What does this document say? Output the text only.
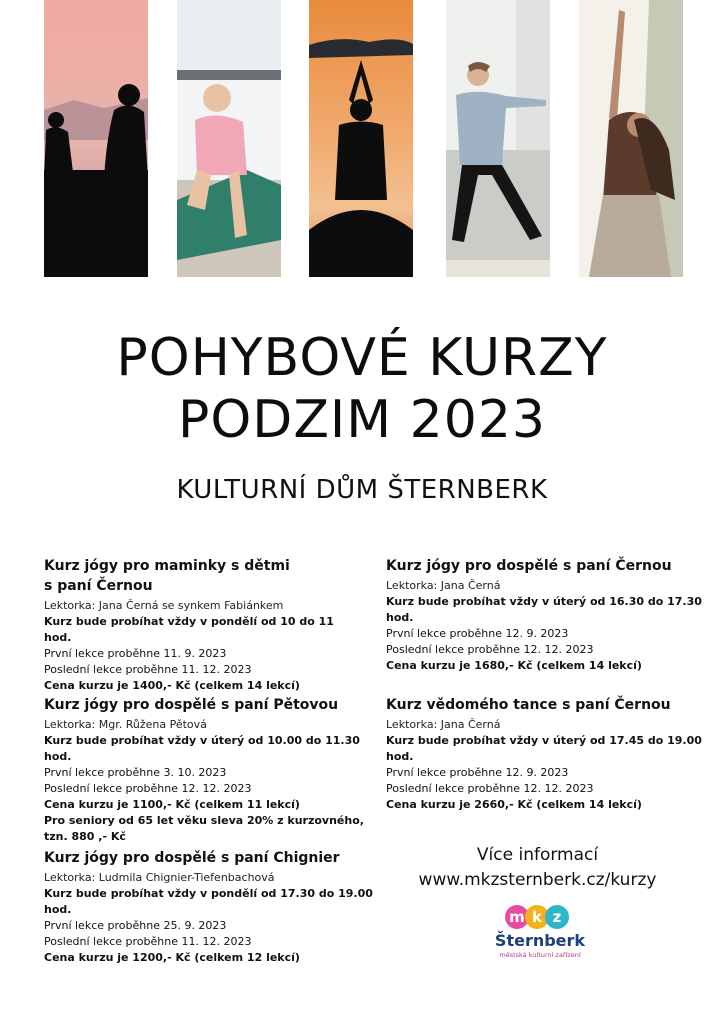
POHYBOVÉ KURZY
PODZIM 2023
KULTURNÍ DŮM ŠTERNBERK
Kurz jógy pro maminky s dětmi
s paní Černou
Lektorka: Jana Černá se synkem Fabiánkem
Kurz bude probíhat vždy v pondělí od 10 do 11 hod.
První lekce proběhne 11. 9. 2023
Poslední lekce proběhne 11. 12. 2023
Cena kurzu je 1400,- Kč (celkem 14 lekcí)
Kurz jógy pro dospělé s paní Černou
Lektorka: Jana Černá
Kurz bude probíhat vždy v úterý od 16.30 do 17.30 hod.
První lekce proběhne 12. 9. 2023
Poslední lekce proběhne 12. 12. 2023
Cena kurzu je 1680,- Kč (celkem 14 lekcí)
Kurz jógy pro dospělé s paní Pětovou
Lektorka: Mgr. Růžena Pětová
Kurz bude probíhat vždy v úterý od 10.00 do 11.30 hod.
První lekce proběhne 3. 10. 2023
Poslední lekce proběhne 12. 12. 2023
Cena kurzu je 1100,- Kč (celkem 11 lekcí)
Pro seniory od 65 let věku sleva 20% z kurzovného,
tzn. 880 ,- Kč
Kurz vědomého tance s paní Černou
Lektorka: Jana Černá
Kurz bude probíhat vždy v úterý od 17.45 do 19.00 hod.
První lekce proběhne 12. 9. 2023
Poslední lekce proběhne 12. 12. 2023
Cena kurzu je 2660,- Kč (celkem 14 lekcí)
Kurz jógy pro dospělé s paní Chignier
Lektorka: Ludmila Chignier-Tiefenbachová
Kurz bude probíhat vždy v pondělí od 17.30 do 19.00 hod.
První lekce proběhne 25. 9. 2023
Poslední lekce proběhne 11. 12. 2023
Cena kurzu je 1200,- Kč (celkem 12 lekcí)
Více informací
www.mkzsternberk.cz/kurzy
m k z
Šternberk
městská kulturní zařízení
